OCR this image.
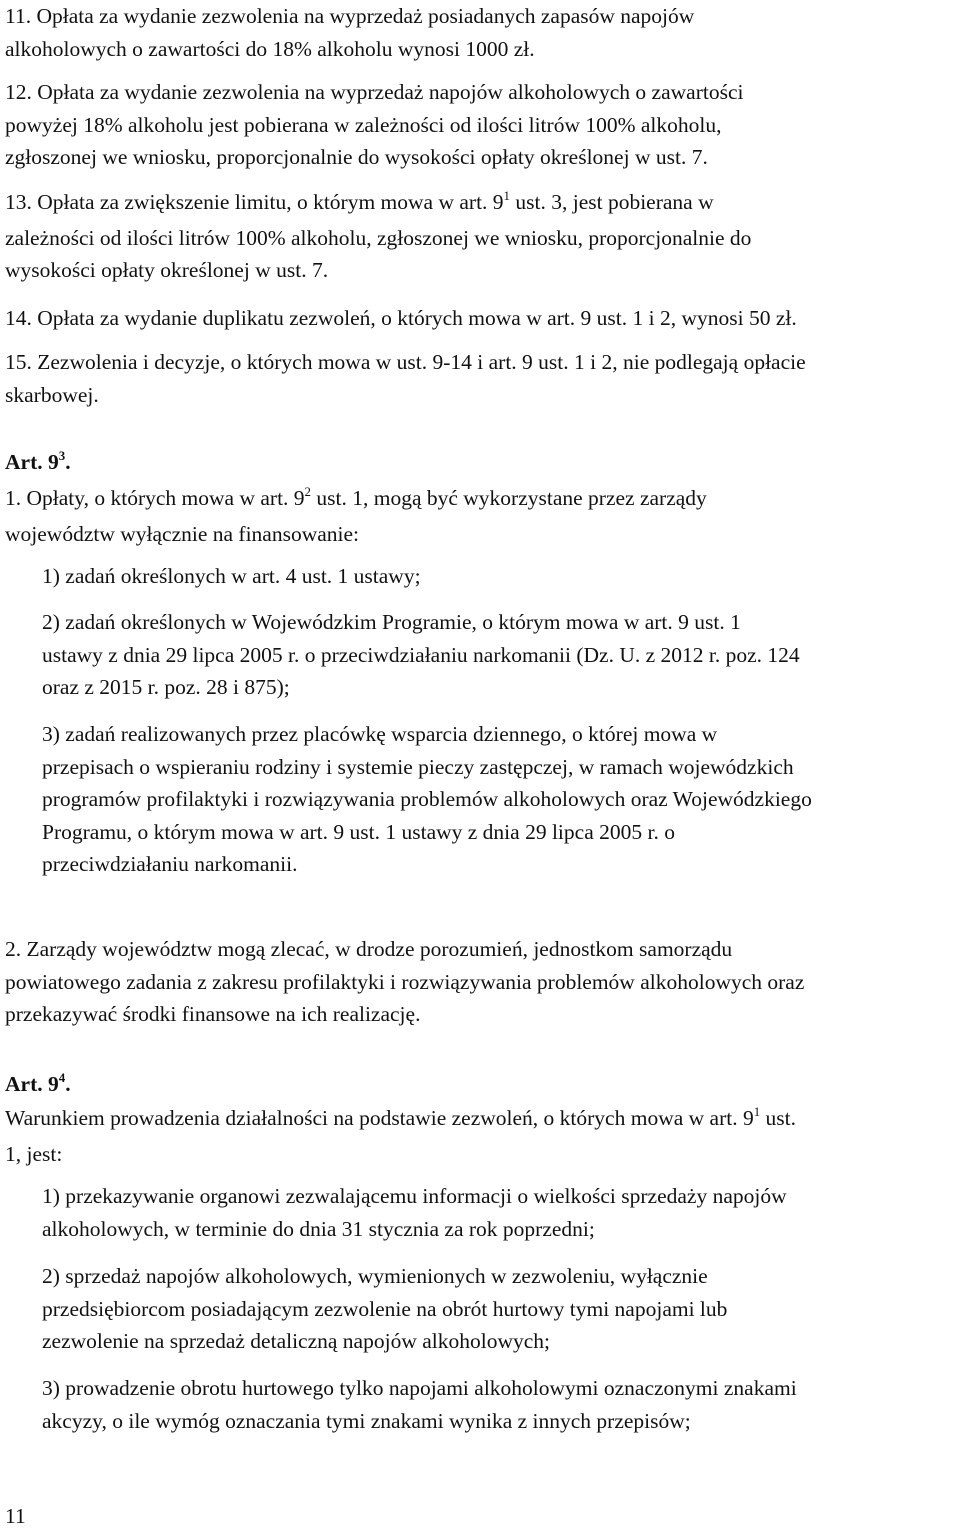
11. Opłata za wydanie zezwolenia na wyprzedaż posiadanych zapasów napojów
alkoholowych o zawartości do 18% alkoholu wynosi 1000 zł.

12. Opłata za wydanie zezwolenia na wyprzedaż napojów alkoholowych o zawartości
powyżej 18% alkoholu jest pobierana w zależności od ilości litrów 100% alkoholu,
zgłoszonej we wniosku, proporcjonalnie do wysokości opłaty określonej w ust. 7.

13. Opłata za zwiększenie limitu, o którym mowa w art. $9^1$ ust. 3, jest pobierana w
zależności od ilości litrów 100% alkoholu, zgłoszonej we wniosku, proporcjonalnie do
wysokości opłaty określonej w ust. 7.

14. Opłata za wydanie duplikatu zezwoleń, o których mowa w art. 9 ust. 1 i 2, wynosi 50 zł.

15. Zezwolenia i decyzje, o których mowa w ust. 9-14 i art. 9 ust. 1 i 2, nie podlegają opłacie
skarbowej.

Art. $9^3$.

1. Opłaty, o których mowa w art. $9^2$ ust. 1, mogą być wykorzystane przez zarządy
województw wyłącznie na finansowanie:

1) zadań określonych w art. 4 ust. 1 ustawy;

2) zadań określonych w Wojewódzkim Programie, o którym mowa w art. 9 ust. 1
ustawy z dnia 29 lipca 2005 r. o przeciwdziałaniu narkomanii (Dz. U. z 2012 r. poz. 124
oraz z 2015 r. poz. 28 i 875);

3) zadań realizowanych przez placówkę wsparcia dziennego, o której mowa w
przepisach o wspieraniu rodziny i systemie pieczy zastępczej, w ramach wojewódzkich
programów profilaktyki i rozwiązywania problemów alkoholowych oraz Wojewódzkiego
Programu, o którym mowa w art. 9 ust. 1 ustawy z dnia 29 lipca 2005 r. o
przeciwdziałaniu narkomanii.

2. Zarządy województw mogą zlecać, w drodze porozumień, jednostkom samorządu
powiatowego zadania z zakresu profilaktyki i rozwiązywania problemów alkoholowych oraz
przekazywać środki finansowe na ich realizację.

Art. $9^4$.

Warunkiem prowadzenia działalności na podstawie zezwoleń, o których mowa w art. $9^1$ ust.
1, jest:

1) przekazywanie organowi zezwalającemu informacji o wielkości sprzedaży napojów
alkoholowych, w terminie do dnia 31 stycznia za rok poprzedni;

2) sprzedaż napojów alkoholowych, wymienionych w zezwoleniu, wyłącznie
przedsiębiorcom posiadającym zezwolenie na obrót hurtowy tymi napojami lub
zezwolenie na sprzedaż detaliczną napojów alkoholowych;

3) prowadzenie obrotu hurtowego tylko napojami alkoholowymi oznaczonymi znakami
akcyzy, o ile wymóg oznaczania tymi znakami wynika z innych przepisów;

11
